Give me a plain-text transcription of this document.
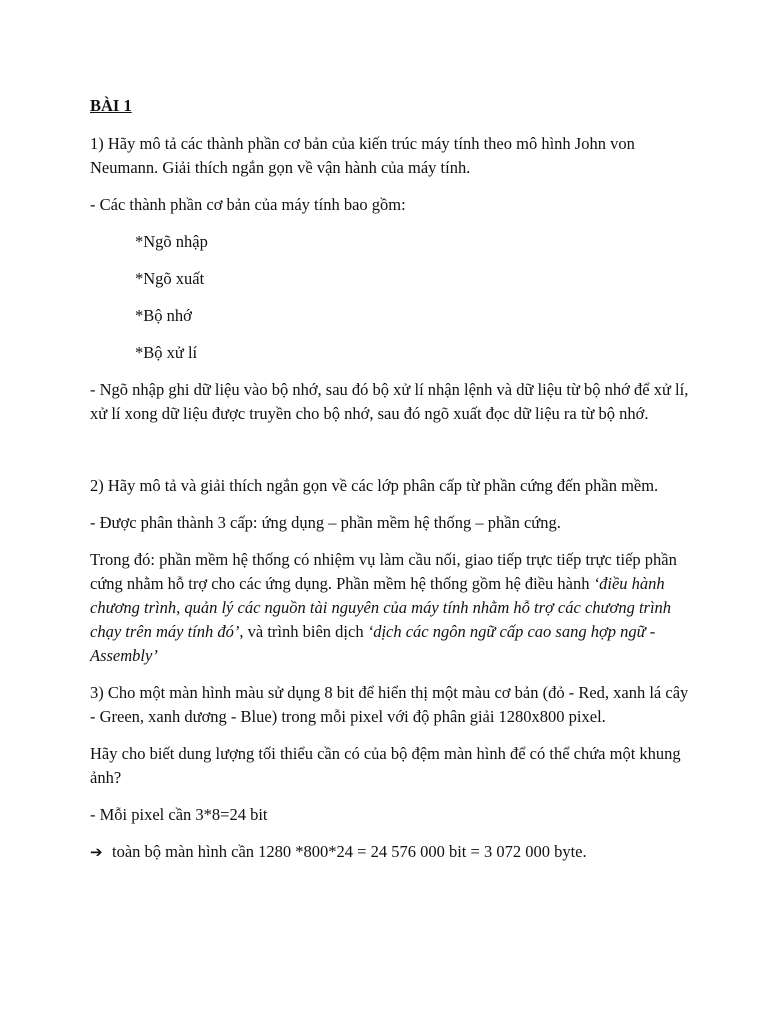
BÀI 1

1) Hãy mô tả các thành phần cơ bản của kiến trúc máy tính theo mô hình John von Neumann. Giải thích ngắn gọn về vận hành của máy tính.

- Các thành phần cơ bản của máy tính bao gồm:

*Ngõ nhập

*Ngõ xuất

*Bộ nhớ

*Bộ xử lí

- Ngõ nhập ghi dữ liệu vào bộ nhớ, sau đó bộ xử lí nhận lệnh và dữ liệu từ bộ nhớ để xử lí, xử lí xong dữ liệu được truyền cho bộ nhớ, sau đó ngõ xuất đọc dữ liệu ra từ bộ nhớ.

2) Hãy mô tả và giải thích ngắn gọn về các lớp phân cấp từ phần cứng đến phần mềm.

- Được phân thành 3 cấp: ứng dụng – phần mềm hệ thống – phần cứng.

Trong đó: phần mềm hệ thống có nhiệm vụ làm cầu nối, giao tiếp trực tiếp trực tiếp phần cứng nhằm hỗ trợ cho các ứng dụng. Phần mềm hệ thống gồm hệ điều hành ‘điều hành chương trình, quản lý các nguồn tài nguyên của máy tính nhằm hỗ trợ các chương trình chạy trên máy tính đó’, và trình biên dịch ‘dịch các ngôn ngữ cấp cao sang hợp ngữ - Assembly’

3) Cho một màn hình màu sử dụng 8 bit để hiển thị một màu cơ bản (đỏ - Red, xanh lá cây - Green, xanh dương - Blue) trong mỗi pixel với độ phân giải 1280x800 pixel.

Hãy cho biết dung lượng tối thiểu cần có của bộ đệm màn hình để có thể chứa một khung ảnh?

- Mỗi pixel cần 3*8=24 bit

➔ toàn bộ màn hình cần 1280 *800*24 = 24 576 000 bit = 3 072 000 byte.
